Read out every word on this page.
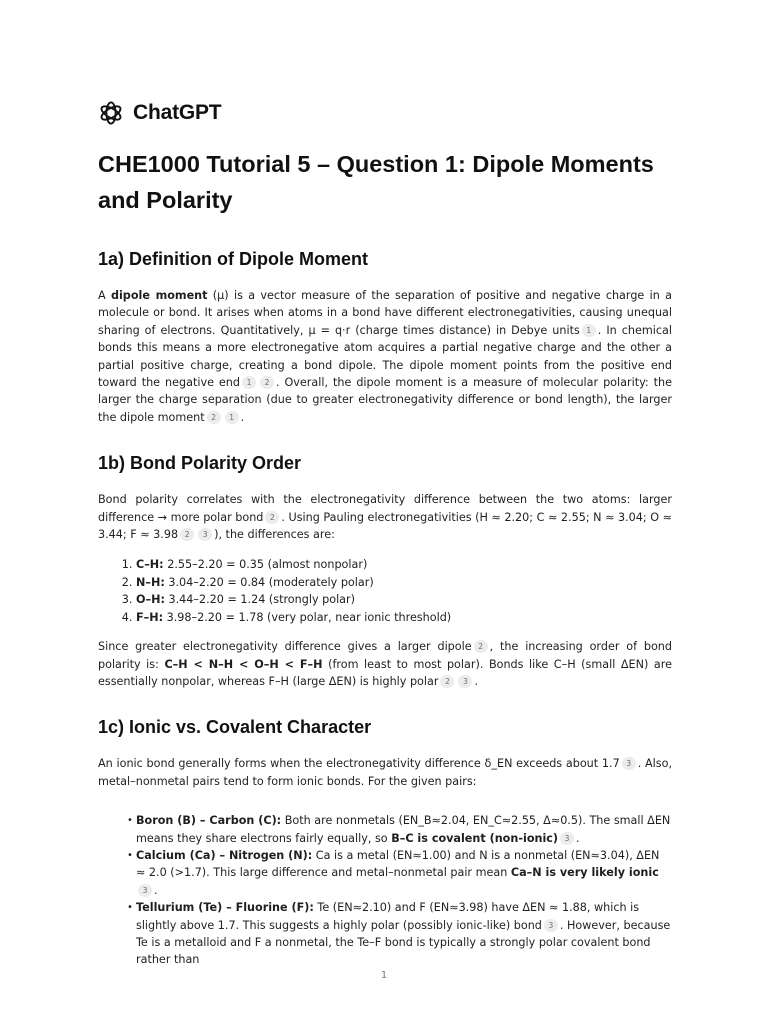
ChatGPT
CHE1000 Tutorial 5 – Question 1: Dipole Moments and Polarity
1a) Definition of Dipole Moment

A dipole moment (μ) is a vector measure of the separation of positive and negative charge in a molecule or bond. It arises when atoms in a bond have different electronegativities, causing unequal sharing of electrons. Quantitatively, μ = q·r (charge times distance) in Debye units 1 . In chemical bonds this means a more electronegative atom acquires a partial negative charge and the other a partial positive charge, creating a bond dipole. The dipole moment points from the positive end toward the negative end 1 2 . Overall, the dipole moment is a measure of molecular polarity: the larger the charge separation (due to greater electronegativity difference or bond length), the larger the dipole moment 2 1 .

1b) Bond Polarity Order

Bond polarity correlates with the electronegativity difference between the two atoms: larger difference → more polar bond 2 . Using Pauling electronegativities (H ≈ 2.20; C ≈ 2.55; N ≈ 3.04; O ≈ 3.44; F ≈ 3.98 2 3 ), the differences are:

1. C–H: 2.55–2.20 = 0.35 (almost nonpolar)
2. N–H: 3.04–2.20 = 0.84 (moderately polar)
3. O–H: 3.44–2.20 = 1.24 (strongly polar)
4. F–H: 3.98–2.20 = 1.78 (very polar, near ionic threshold)

Since greater electronegativity difference gives a larger dipole 2 , the increasing order of bond polarity is: C–H < N–H < O–H < F–H (from least to most polar). Bonds like C–H (small ΔEN) are essentially nonpolar, whereas F–H (large ΔEN) is highly polar 2 3 .

1c) Ionic vs. Covalent Character

An ionic bond generally forms when the electronegativity difference δ_EN exceeds about 1.7 3 . Also, metal–nonmetal pairs tend to form ionic bonds. For the given pairs:

• Boron (B) – Carbon (C): Both are nonmetals (EN_B≈2.04, EN_C≈2.55, Δ≈0.5). The small ΔEN means they share electrons fairly equally, so B–C is covalent (non-ionic) 3 .
• Calcium (Ca) – Nitrogen (N): Ca is a metal (EN≈1.00) and N is a nonmetal (EN≈3.04), ΔEN ≈ 2.0 (>1.7). This large difference and metal–nonmetal pair mean Ca–N is very likely ionic3 .
• Tellurium (Te) – Fluorine (F): Te (EN≈2.10) and F (EN≈3.98) have ΔEN ≈ 1.88, which is slightly above 1.7. This suggests a highly polar (possibly ionic-like) bond 3 . However, because Te is a metalloid and F a nonmetal, the Te–F bond is typically a strongly polar covalent bond rather than
1
